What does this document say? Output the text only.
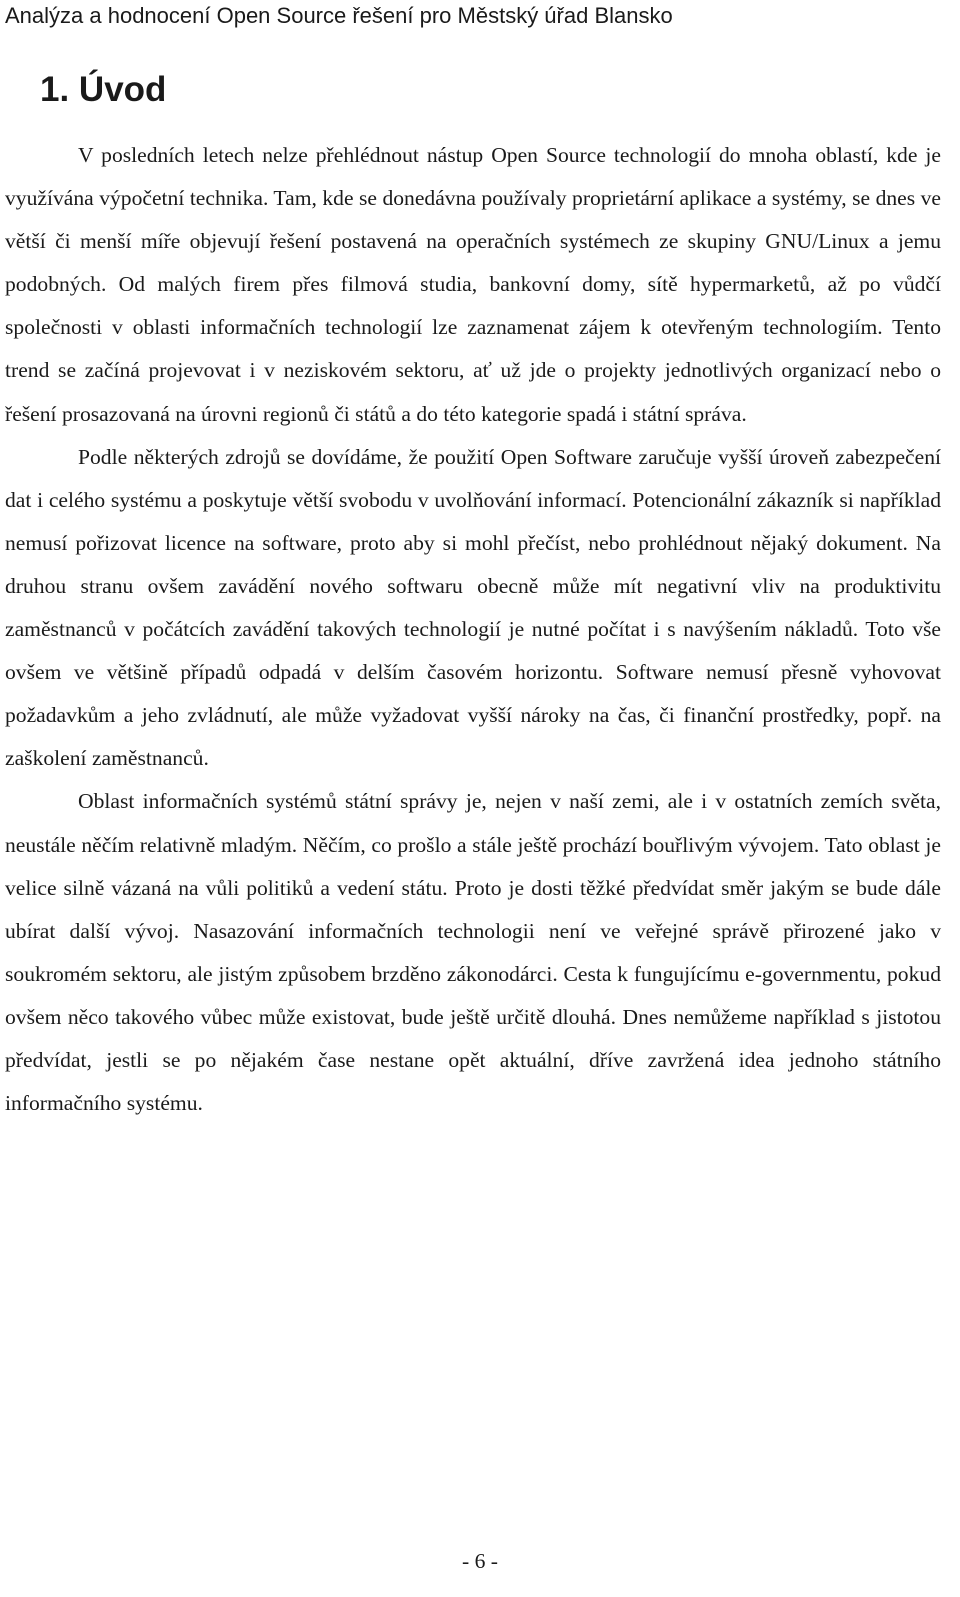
Analýza a hodnocení Open Source řešení pro Městský úřad Blansko
1. Úvod

V posledních letech nelze přehlédnout nástup Open Source technologií do mnoha oblastí, kde je využívána výpočetní technika. Tam, kde se donedávna používaly proprietární aplikace a systémy, se dnes ve větší či menší míře objevují řešení postavená na operačních systémech ze skupiny GNU/Linux a jemu podobných. Od malých firem přes filmová studia, bankovní domy, sítě hypermarketů, až po vůdčí společnosti v oblasti informačních technologií lze zaznamenat zájem k otevřeným technologiím. Tento trend se začíná projevovat i v neziskovém sektoru, ať už jde o projekty jednotlivých organizací nebo o řešení prosazovaná na úrovni regionů či států a do této kategorie spadá i státní správa.

Podle některých zdrojů se dovídáme, že použití Open Software zaručuje vyšší úroveň zabezpečení dat i celého systému a poskytuje větší svobodu v uvolňování informací. Potencionální zákazník si například nemusí pořizovat licence na software, proto aby si mohl přečíst, nebo prohlédnout nějaký dokument. Na druhou stranu ovšem zavádění nového softwaru obecně může mít negativní vliv na produktivitu zaměstnanců v počátcích zavádění takových technologií je nutné počítat i s navýšením nákladů. Toto vše ovšem ve většině případů odpadá v delším časovém horizontu. Software nemusí přesně vyhovovat požadavkům a jeho zvládnutí, ale může vyžadovat vyšší nároky na čas, či finanční prostředky, popř. na zaškolení zaměstnanců.

Oblast informačních systémů státní správy je, nejen v naší zemi, ale i v ostatních zemích světa, neustále něčím relativně mladým. Něčím, co prošlo a stále ještě prochází bouřlivým vývojem. Tato oblast je velice silně vázaná na vůli politiků a vedení státu. Proto je dosti těžké předvídat směr jakým se bude dále ubírat další vývoj. Nasazování informačních technologii není ve veřejné správě přirozené jako v soukromém sektoru, ale jistým způsobem brzděno zákonodárci. Cesta k fungujícímu e-governmentu, pokud ovšem něco takového vůbec může existovat, bude ještě určitě dlouhá. Dnes nemůžeme například s jistotou předvídat, jestli se po nějakém čase nestane opět aktuální, dříve zavržená idea jednoho státního informačního systému.

- 6 -
